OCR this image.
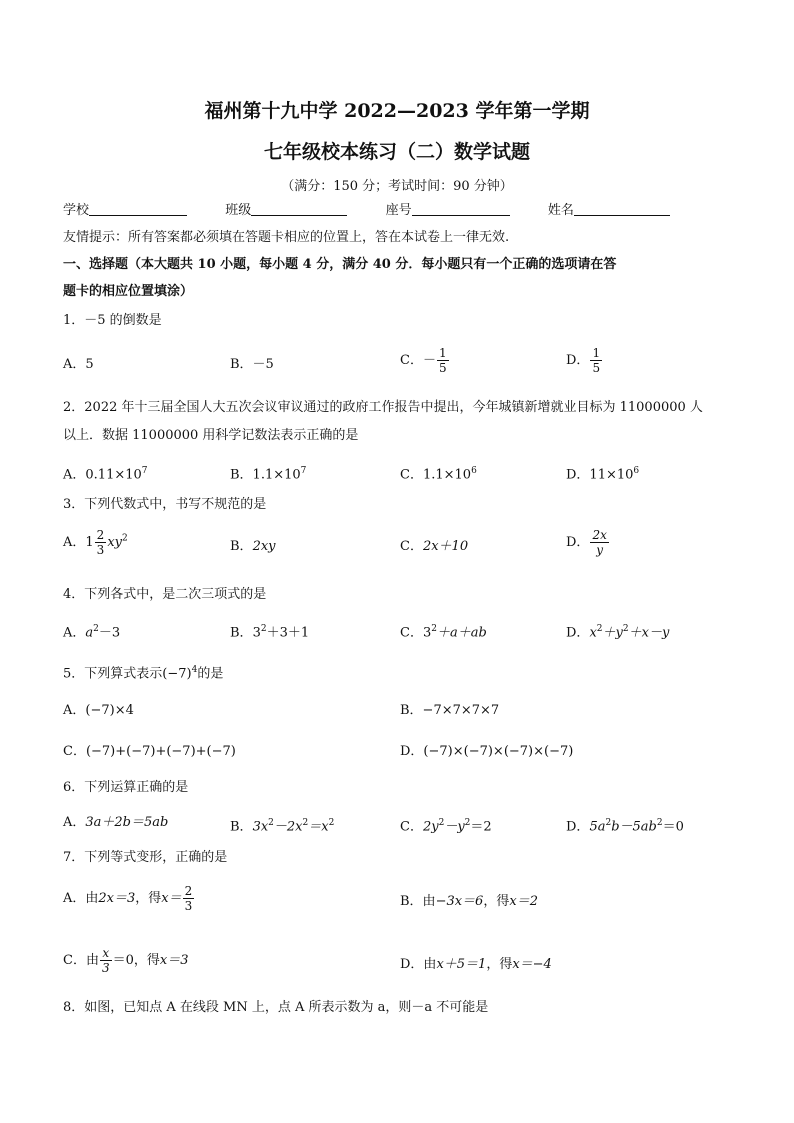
福州第十九中学 2022—2023 学年第一学期
七年级校本练习（二）数学试题
（满分：150 分；考试时间：90 分钟）
学校	班级	座号	姓名
友情提示：所有答案都必须填在答题卡相应的位置上，答在本试卷上一律无效.
一、选择题（本大题共 10 小题，每小题 4 分，满分 40 分．每小题只有一个正确的选项请在答
题卡的相应位置填涂）
1．－5 的倒数是
A．5	B．－5	C．－ $\frac{1}{5}$	D． $\frac{1}{5}$
2．2022 年十三届全国人大五次会议审议通过的政府工作报告中提出，今年城镇新增就业目标为 11000000 人
以上．数据 11000000 用科学记数法表示正确的是
A．$0.11\times 10^7$	B．$1.1\times 10^7$	C．$1.1\times 10^6$	D．$11\times 10^6$
3．下列代数式中，书写不规范的是
A．$1 \frac{2}{3} xy^2$
B．2xy	C．2x＋10	D． $\frac{2x}{y}$
4．下列各式中，是二次三项式的是
A．$a^2-3$	B．$3^2+3+1$	C．$3^2+a+ab$	D．$x^2+y^2+x-y$
5．下列算式表示$(-7)^4$的是
A．(−7)×4	B．−7×7×7×7
C．(−7)+(−7)+(−7)+(−7)	D．(−7)×(−7)×(−7)×(−7)
6．下列运算正确的是
A．3a＋2b＝5ab	B．$3x^2-2x^2=x^2$	C．$2y^2-y^2=2$	D．$5a^2b-5ab^2=0$
7．下列等式变形，正确的是
A．由2x＝3，得$x= \frac{2}{3}$	B．由−3x＝6，得x＝2
C．由 $\frac{x}{3} =0$，得x＝3	D．由x＋5＝1，得x＝−4
8．如图，已知点 A 在线段 MN 上，点 A 所表示数为 a，则－a 不可能是
